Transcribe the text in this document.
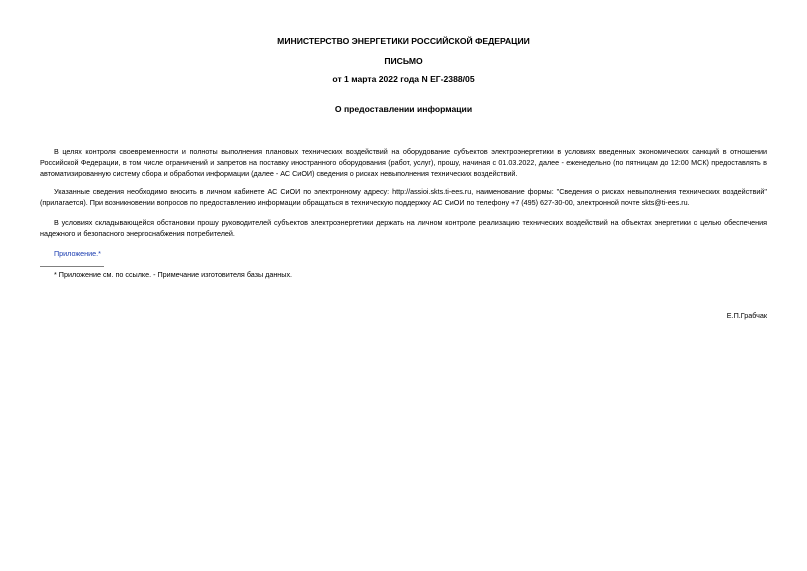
МИНИСТЕРСТВО ЭНЕРГЕТИКИ РОССИЙСКОЙ ФЕДЕРАЦИИ
ПИСЬМО
от 1 марта 2022 года N ЕГ-2388/05
О предоставлении информации
В целях контроля своевременности и полноты выполнения плановых технических воздействий на оборудование субъектов электроэнергетики в условиях введенных экономических санкций в отношении Российской Федерации, в том числе ограничений и запретов на поставку иностранного оборудования (работ, услуг), прошу, начиная с 01.03.2022, далее - еженедельно (по пятницам до 12:00 МСК) предоставлять в автоматизированную систему сбора и обработки информации (далее - АС СиОИ) сведения о рисках невыполнения технических воздействий.
Указанные сведения необходимо вносить в личном кабинете АС СиОИ по электронному адресу: http://assioi.skts.ti-ees.ru, наименование формы: "Сведения о рисках невыполнения технических воздействий" (прилагается). При возникновении вопросов по предоставлению информации обращаться в техническую поддержку АС СиОИ по телефону +7 (495) 627-30-00, электронной почте skts@ti-ees.ru.
В условиях складывающейся обстановки прошу руководителей субъектов электроэнергетики держать на личном контроле реализацию технических воздействий на объектах энергетики с целью обеспечения надежного и безопасного энергоснабжения потребителей.
Приложение.*
* Приложение см. по ссылке. - Примечание изготовителя базы данных.
Е.П.Грабчак
